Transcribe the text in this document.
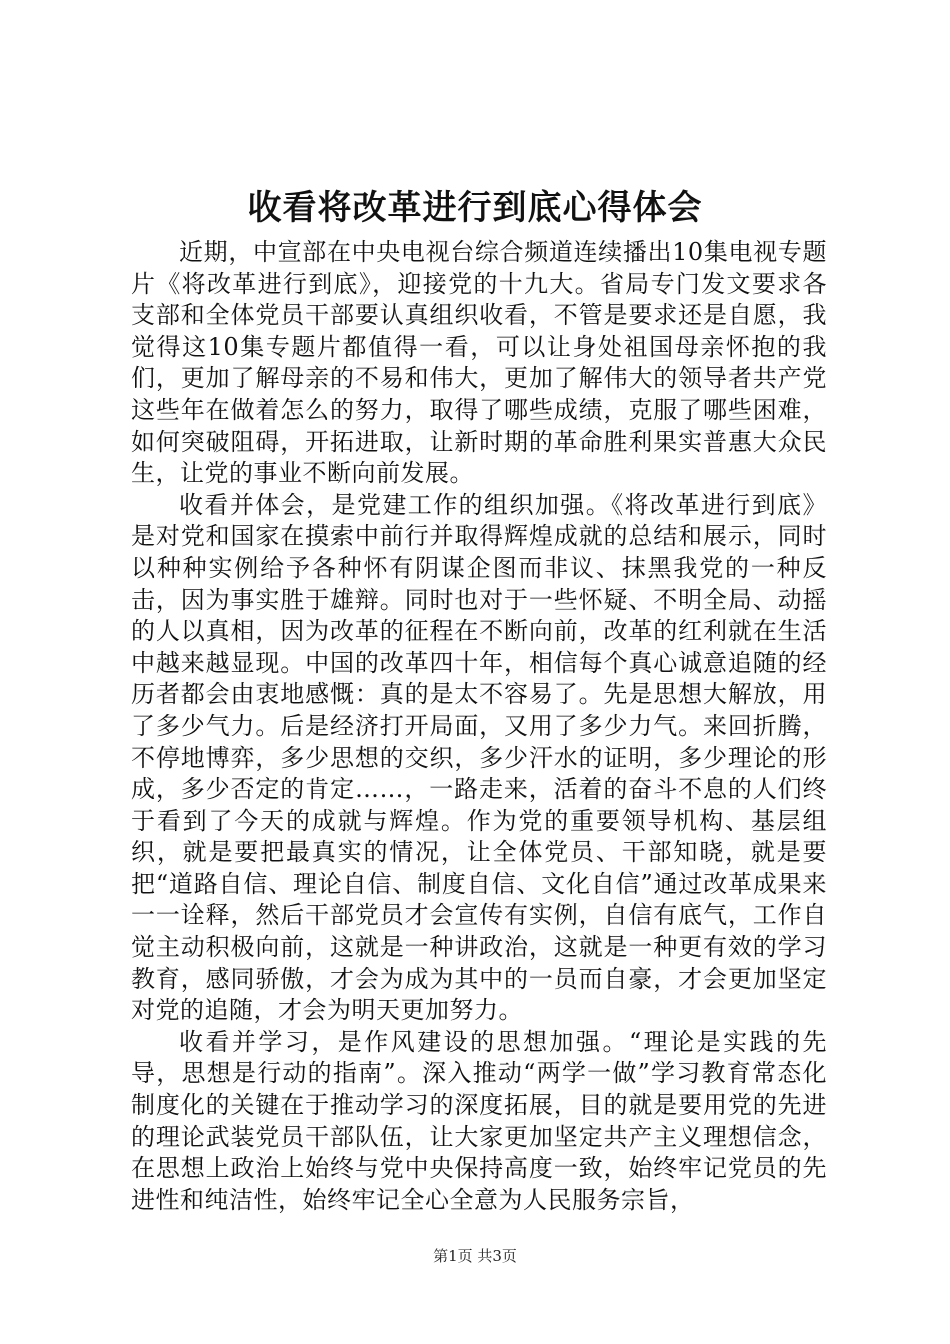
收看将改革进行到底心得体会

近期，中宣部在中央电视台综合频道连续播出10集电视专题片《将改革进行到底》，迎接党的十九大。省局专门发文要求各支部和全体党员干部要认真组织收看，不管是要求还是自愿，我觉得这10集专题片都值得一看，可以让身处祖国母亲怀抱的我们，更加了解母亲的不易和伟大，更加了解伟大的领导者共产党这些年在做着怎么的努力，取得了哪些成绩，克服了哪些困难，如何突破阻碍，开拓进取，让新时期的革命胜利果实普惠大众民生，让党的事业不断向前发展。

收看并体会，是党建工作的组织加强。《将改革进行到底》是对党和国家在摸索中前行并取得辉煌成就的总结和展示，同时以种种实例给予各种怀有阴谋企图而非议、抹黑我党的一种反击，因为事实胜于雄辩。同时也对于一些怀疑、不明全局、动摇的人以真相，因为改革的征程在不断向前，改革的红利就在生活中越来越显现。中国的改革四十年，相信每个真心诚意追随的经历者都会由衷地感慨：真的是太不容易了。先是思想大解放，用了多少气力。后是经济打开局面，又用了多少力气。来回折腾，不停地博弈，多少思想的交织，多少汗水的证明，多少理论的形成，多少否定的肯定……，一路走来，活着的奋斗不息的人们终于看到了今天的成就与辉煌。作为党的重要领导机构、基层组织，就是要把最真实的情况，让全体党员、干部知晓，就是要把“道路自信、理论自信、制度自信、文化自信”通过改革成果来一一诠释，然后干部党员才会宣传有实例，自信有底气，工作自觉主动积极向前，这就是一种讲政治，这就是一种更有效的学习教育，感同骄傲，才会为成为其中的一员而自豪，才会更加坚定对党的追随，才会为明天更加努力。

收看并学习，是作风建设的思想加强。“理论是实践的先导，思想是行动的指南”。深入推动“两学一做”学习教育常态化制度化的关键在于推动学习的深度拓展，目的就是要用党的先进的理论武装党员干部队伍，让大家更加坚定共产主义理想信念，在思想上政治上始终与党中央保持高度一致，始终牢记党员的先进性和纯洁性，始终牢记全心全意为人民服务宗旨，

第1页 共3页
